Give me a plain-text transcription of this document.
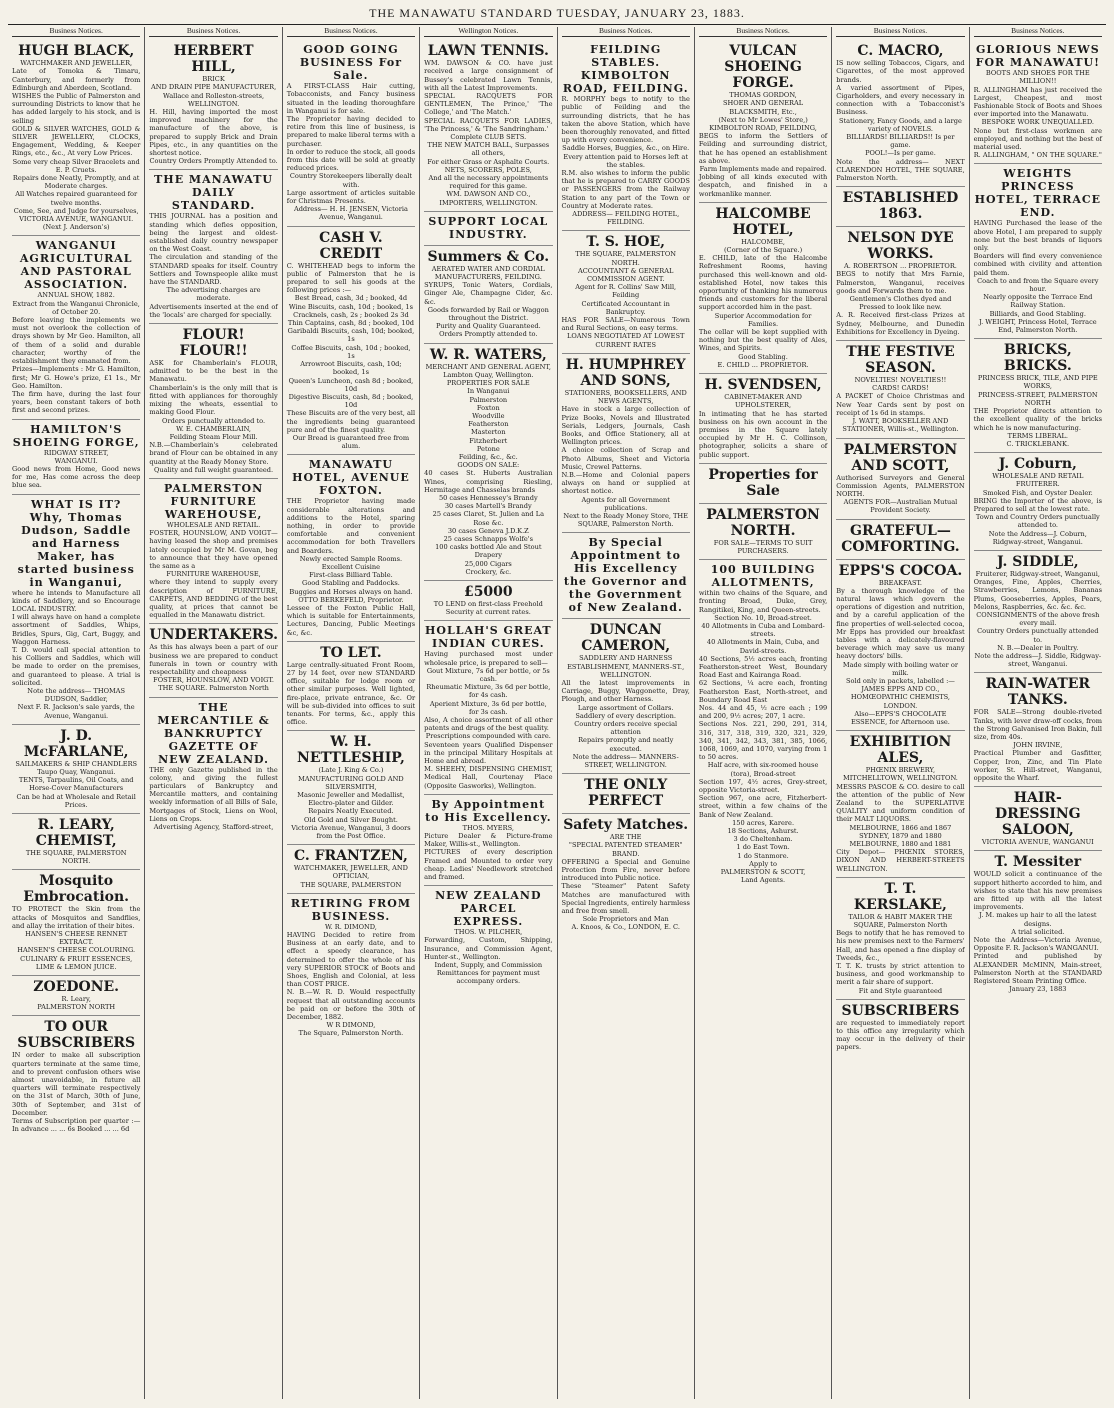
THE MANAWATU STANDARD TUESDAY, JANUARY 23, 1883.
Business Notices.
HUGH BLACK,
WATCHMAKER AND JEWELLER,
Late of Tomoka & Timaru, Canterbury, and formerly from Edinburgh and Aberdeen, Scotland.
WISHES the Public of Palmerston and surrounding Districts to know that he has added largely to his stock, and is selling
GOLD & SILVER WATCHES, GOLD & SILVER JEWELLERY, CLOCKS, Engagement, Wedding, & Keeper Rings, etc., &c., At very Low Prices.
Some very cheap Silver Bracelets and E. P. Cruets.
Repairs done Neatly, Promptly, and at Moderate charges.
All Watches repaired guaranteed for twelve months.
Come, See, and Judge for yourselves,
VICTORIA AVENUE, WANGANUI.
(Next J. Anderson's)
WANGANUI AGRICULTURAL AND PASTORAL ASSOCIATION.
ANNUAL SHOW, 1882.
Extract from the Wanganui Chronicle, of October 20.
Before leaving the implements we must not overlook the collection of drays shown by Mr Geo. Hamilton, all of them of a solid and durable character, worthy of the establishment they emanated from.
Prizes—Implements : Mr G. Hamilton, first; Mr G. Howe's prize, £1 1s., Mr Geo. Hamilton.
The firm have, during the last four years, been constant takers of both first and second prizes.
HAMILTON'S SHOEING FORGE,
RIDGWAY STREET,
WANGANUI.
Good news from Home, Good news for me, Has come across the deep blue sea.
WHAT IS IT? Why, Thomas Dudson, Saddle and Harness Maker, has started business in Wanganui,
where he intends to Manufacture all kinds of Saddlery, and so Encourage LOCAL INDUSTRY.
I will always have on hand a complete assortment of Saddles, Whips, Bridles, Spurs, Gig, Cart, Buggy, and Waggon Harness.
T. D. would call special attention to his Colliers and Saddles, which will be made to order on the premises, and guaranteed to please. A trial is solicited.
Note the address— THOMAS DUDSON, Saddler,
Next F. R. Jackson's sale yards, the Avenue, Wanganui.
J. D. McFARLANE,
SAILMAKERS & SHIP CHANDLERS
Taupo Quay, Wanganui.
TENTS, Tarpaulins, Oil Coats, and Horse-Cover Manufacturers
Can be had at Wholesale and Retail Prices.
R. LEARY, CHEMIST,
THE SQUARE, PALMERSTON NORTH.
Mosquito Embrocation.
TO PROTECT the Skin from the attacks of Mosquitos and Sandflies, and allay the irritation of their bites.
HANSEN'S CHEESE RENNET EXTRACT.
HANSEN'S CHEESE COLOURING.
CULINARY & FRUIT ESSENCES, LIME & LEMON JUICE.
ZOEDONE.
R. Leary,
PALMERSTON NORTH
TO OUR SUBSCRIBERS
IN order to make all subscription quarters terminate at the same time, and to prevent confusion others wise almost unavoidable, in future all quarters will terminate respectively on the 31st of March, 30th of June, 30th of September, and 31st of December.
Terms of Subscription per quarter :— In advance ... ... 6s Booked ... ... 6d
Business Notices.
HERBERT HILL,
BRICK
AND DRAIN PIPE MANUFACTURER,
Wallace and Rolleston-streets, WELLINGTON.
H. Hill, having imported the most improved machinery for the manufacture of the above, is prepared to supply Brick and Drain Pipes, etc., in any quantities on the shortest notice.
Country Orders Promptly Attended to.
THE MANAWATU DAILY STANDARD.
THIS JOURNAL has a position and standing which defies opposition, being the largest and oldest-established daily country newspaper on the West Coast.
The circulation and standing of the STANDARD speaks for itself. Country Settlers and Townspeople alike must have the STANDARD.
The advertising charges are moderate.
Advertisements inserted at the end of the 'locals' are charged for specially.
FLOUR! FLOUR!!
ASK for Chamberlain's FLOUR, admitted to be the best in the Manawatu.
Chamberlain's is the only mill that is fitted with appliances for thoroughly mixing the wheats, essential to making Good Flour.
Orders punctually attended to.
W. E. CHAMBERLAIN,
Feilding Steam Flour Mill.
N.B.—Chamberlain's celebrated brand of Flour can be obtained in any quantity at the Ready Money Store.
Quality and full weight guaranteed.
PALMERSTON FURNITURE WAREHOUSE,
WHOLESALE AND RETAIL.
FOSTER, HOUNSLOW, AND VOIGT—having leased the shop and premises lately occupied by Mr M. Govan, beg to announce that they have opened the same as a
FURNITURE WAREHOUSE,
where they intend to supply every description of FURNITURE, CARPETS, AND BEDDING of the best quality, at prices that cannot be equalled in the Manawatu district.
UNDERTAKERS.
As this has always been a part of our business we are prepared to conduct funerals in town or country with respectability and cheapness
FOSTER, HOUNSLOW, AND VOIGT. THE SQUARE. Palmerston North
THE MERCANTILE & BANKRUPTCY GAZETTE OF NEW ZEALAND.
THE only Gazette published in the colony, and giving the fullest particulars of Bankruptcy and Mercantile matters, and containing weekly information of all Bills of Sale, Mortgages of Stock, Liens on Wool, Liens on Crops.
Advertising Agency, Stafford-street,
Business Notices.
GOOD GOING BUSINESS For Sale.
A FIRST-CLASS Hair cutting, Tobacconists, and Fancy business situated in the leading thoroughfare in Wanganui is for sale.
The Proprietor having decided to retire from this line of business, is prepared to make liberal terms with a purchaser.
In order to reduce the stock, all goods from this date will be sold at greatly reduced prices.
Country Storekeepers liberally dealt with.
Large assortment of articles suitable for Christmas Presents.
Address— H. H. JENSEN, Victoria Avenue, Wanganui.
CASH V. CREDIT
C. WHITEHEAD begs to inform the public of Palmerston that he is prepared to sell his goods at the following prices :—
Best Bread, cash, 3d ; booked, 4d
Wine Biscuits, cash, 10d ; booked, 1s
Cracknels, cash, 2s ; booked 2s 3d
Thin Captains, cash, 8d ; booked, 10d
Garibaldi Biscuits, cash, 10d; booked, 1s
Coffee Biscuits, cash, 10d ; booked, 1s
Arrowroot Biscuits, cash, 10d; booked, 1s
Queen's Luncheon, cash 8d ; booked, 10d
Digestive Biscuits, cash, 8d ; booked, 10d
These Biscuits are of the very best, all the ingredients being guaranteed pure and of the finest quality.
Our Bread is guaranteed free from alum.
MANAWATU HOTEL, AVENUE FOXTON.
THE Proprietor having made considerable alterations and additions to the Hotel, sparing nothing, in order to provide comfortable and convenient accommodation for both Travellers and Boarders.
Newly erected Sample Rooms.
Excellent Cuisine
First-class Billiard Table.
Good Stabling and Paddocks.
Buggies and Horses always on hand.
OTTO BERKEFELD, Proprietor.
Lessee of the Foxton Public Hall, which is suitable for Entertainments, Lectures, Dancing, Public Meetings &c, &c.
TO LET.
Large centrally-situated Front Room, 27 by 14 feet, over new STANDARD office, suitable for lodge room or other similar purposes. Well lighted, fire-place, private entrance, &c. Or will be sub-divided into offices to suit tenants. For terms, &c., apply this office.
W. H. NETTLESHIP,
(Late J. King & Co.)
MANUFACTURING GOLD AND SILVERSMITH,
Masonic Jeweller and Medallist, Electro-plater and Gilder.
Repairs Neatly Executed.
Old Gold and Silver Bought.
Victoria Avenue, Wanganui, 3 doors from the Post Office.
C. FRANTZEN,
WATCHMAKER, JEWELLER, AND OPTICIAN,
THE SQUARE, PALMERSTON
RETIRING FROM BUSINESS.
W. R. DIMOND,
HAVING Decided to retire from Business at an early date, and to effect a speedy clearance, has determined to offer the whole of his very SUPERIOR STOCK of Boots and Shoes, English and Colonial, at less than COST PRICE.
N. B.—W. R. D. Would respectfully request that all outstanding accounts be paid on or before the 30th of December, 1882.
W R DIMOND,
The Square, Palmerston North.
Wellington Notices.
LAWN TENNIS.
WM. DAWSON & CO. have just received a large consignment of Bussey's celebrated Lawn Tennis, with all the Latest Improvements.
SPECIAL RACQUETS FOR GENTLEMEN, The Prince,' 'The College,' and 'The Match.'
SPECIAL RACQUETS FOR LADIES, 'The Princess,' & 'The Sandringham.'
Complete CLUB SETS.
THE NEW MATCH BALL, Surpasses all others,
For either Grass or Asphalte Courts.
NETS, SCORERS, POLES,
And all the necessary appointments required for this game.
WM. DAWSON AND CO., IMPORTERS, WELLINGTON.
SUPPORT LOCAL INDUSTRY.
Summers & Co.
AERATED WATER AND CORDIAL MANUFACTURERS, FEILDING.
SYRUPS, Tonic Waters, Cordials, Ginger Ale, Champagne Cider, &c. &c.
Goods forwarded by Rail or Waggon throughout the District.
Purity and Quality Guaranteed.
Orders Promptly attended to.
W. R. WATERS,
MERCHANT AND GENERAL AGENT,
Lambton Quay, Wellington.
PROPERTIES FOR SALE
In Wanganui
Palmerston
Foxton
Woodville
Featherston
Masterton
Fitzherbert
Petone
Feilding, &c., &c.
GOODS ON SALE:
40 cases St. Huberts Australian Wines, comprising Riesling, Hermitage and Chasselas brands
50 cases Hennessey's Brandy
30 cases Martell's Brandy
25 cases Claret, St. Julien and La Rose &c.
30 cases Geneva J.D.K.Z
25 cases Schnapps Wolfe's
100 casks bottled Ale and Stout
Drapery
25,000 Cigars
Crockery, &c.
£5000
TO LEND on first-class Freehold Security at current rates.
HOLLAH'S GREAT INDIAN CURES.
Having purchased most under wholesale price, is prepared to sell—
Gout Mixture, 7s 6d per bottle, or 5s cash.
Rheumatic Mixture, 3s 6d per bottle, for 4s cash.
Aperient Mixture, 3s 6d per bottle, for 3s cash.
Also, A choice assortment of all other patents and drugs of the best quality.
Prescriptions compounded with care.
Seventeen years Qualified Dispenser in the principal Military Hospitals at Home and abroad.
M. SHEEHY, DISPENSING CHEMIST, Medical Hall, Courtenay Place (Opposite Gasworks), Wellington.
By Appointment to His Excellency.
THOS. MYERS,
Picture Dealer & Picture-frame Maker, Willis-st., Wellington.
PICTURES of every description Framed and Mounted to order very cheap. Ladies' Needlework stretched and framed.
NEW ZEALAND PARCEL EXPRESS.
THOS. W. PILCHER,
Forwarding, Custom, Shipping, Insurance, and Commission Agent, Hunter-st., Wellington.
Indent, Supply, and Commission
Remittances for payment must accompany orders.
Business Notices.
FEILDING STABLES. KIMBOLTON ROAD, FEILDING.
R. MORPHY begs to notify to the public of Feilding and the surrounding districts, that he has taken the above Station, which have been thoroughly renovated, and fitted up with every convenience.
Saddle Horses, Buggies, &c., on Hire.
Every attention paid to Horses left at the stables.
R.M. also wishes to inform the public that he is prepared to CARRY GOODS or PASSENGERS from the Railway Station to any part of the Town or Country at Moderate rates.
ADDRESS— FEILDING HOTEL, FEILDING.
T. S. HOE,
THE SQUARE, PALMERSTON NORTH.
ACCOUNTANT & GENERAL COMMISSION AGENT.
Agent for R. Collins' Saw Mill, Feilding
Certificated Accountant in Bankruptcy.
HAS FOR SALE—Numerous Town and Rural Sections, on easy terms.
LOANS NEGOTIATED AT LOWEST CURRENT RATES
H. HUMPHREY AND SONS,
STATIONERS, BOOKSELLERS, AND NEWS AGENTS,
Have in stock a large collection of Prize Books, Novels and Illustrated Serials, Ledgers, Journals, Cash Books, and Office Stationery, all at Wellington prices.
A choice collection of Scrap and Photo Albums, Sheet and Victoria Music, Crewel Patterns.
N.B.—Home and Colonial papers always on hand or supplied at shortest notice.
Agents for all Government publications.
Next to the Ready Money Store, THE SQUARE, Palmerston North.
By Special Appointment to His Excellency the Governor and the Government of New Zealand.
DUNCAN CAMERON,
SADDLERY AND HARNESS ESTABLISHMENT, MANNERS-ST., WELLINGTON.
All the latest improvements in Carriage, Buggy, Waggonette, Dray, Plough, and other Harness.
Large assortment of Collars.
Saddlery of every description.
Country orders receive special attention
Repairs promptly and neatly executed.
Note the address— MANNERS-STREET, WELLINGTON.
THE ONLY PERFECT
Safety Matches.
ARE THE
"SPECIAL PATENTED STEAMER" BRAND.
OFFERING a Special and Genuine Protection from Fire, never before introduced into Public notice.
These "Steamer" Patent Safety Matches are manufactured with Special Ingredients, entirely harmless and free from smell.
Sole Proprietors and Man
A. Knoos, & Co., LONDON, E. C.
Business Notices.
VULCAN SHOEING FORGE.
THOMAS GORDON,
SHOER AND GENERAL BLACKSMITH, Etc.,
(Next to Mr Lowes' Store,)
KIMBOLTON ROAD, FEILDING,
BEGS to inform the Settlers of Feilding and surrounding district, that he has opened an establishment as above.
Farm Implements made and repaired.
Jobbing of all kinds executed with despatch, and finished in a workmanlike manner.
HALCOMBE HOTEL,
HALCOMBE,
(Corner of the Square.)
E. CHILD, late of the Halcombe Refreshment Rooms, having purchased this well-known and old-established Hotel, now takes this opportunity of thanking his numerous friends and customers for the liberal support accorded him in the past.
Superior Accommodation for Families.
The cellar will be kept supplied with nothing but the best quality of Ales, Wines, and Spirits.
Good Stabling.
E. CHILD ... PROPRIETOR.
H. SVENDSEN,
CABINET-MAKER AND UPHOLSTERER,
In intimating that he has started business on his own account in the premises in the Square lately occupied by Mr H. C. Collinson, photographer, solicits a share of public support.
Properties for Sale
PALMERSTON NORTH.
FOR SALE—TERMS TO SUIT PURCHASERS.
100 BUILDING ALLOTMENTS,
within two chains of the Square, and fronting Broad, Duke, Grey, Rangitikei, King, and Queen-streets.
Section No. 10, Broad-street.
40 Allotments in Cuba and Lombard-streets.
40 Allotments in Main, Cuba, and David-streets.
40 Sections, 5½ acres each, fronting Featherston-street West, Boundary Road East and Kairanga Road.
62 Sections, ¼ acre each, fronting Featherston East, North-street, and Boundary Road East
Nos. 44 and 45, ½ acre each ; 199 and 200, 9½ acres; 207, 1 acre.
Sections Nos. 221, 290, 291, 314, 316, 317, 318, 319, 320, 321, 329, 340, 341, 342, 343, 381, 385, 1066, 1068, 1069, and 1070, varying from 1 to 50 acres.
Half acre, with six-roomed house (tora), Broad-street
Section 197, 4½ acres, Grey-street, opposite Victoria-street.
Section 967, one acre, Fitzherbert-street, within a few chains of the Bank of New Zealand.
150 acres, Karere.
18 Sections, Ashurst.
3 do Cheltenham.
1 do East Town.
1 do Stanmore.
Apply to
PALMERSTON & SCOTT,
Land Agents.
Business Notices.
C. MACRO,
IS now selling Tobaccos, Cigars, and Cigarettes, of the most approved brands.
A varied assortment of Pipes, Cigarholders, and every necessary in connection with a Tobacconist's Business.
Stationery, Fancy Goods, and a large variety of NOVELS.
BILLIARDS! BILLIARDS!! Is per game.
POOL!—Is per game.
Note the address— NEXT CLARENDON HOTEL, THE SQUARE, Palmerston North.
ESTABLISHED 1863.
NELSON DYE WORKS.
A. ROBERTSON ... PROPRIETOR.
BEGS to notify that Mrs Farnie, Palmerston, Wanganui, receives goods and Forwards them to me.
Gentlemen's Clothes dyed and Pressed to look like new.
A. R. Received first-class Prizes at Sydney, Melbourne, and Dunedin Exhibitions for Excellency in Dyeing.
THE FESTIVE SEASON.
NOVELTIES! NOVELTIES!!
CARDS! CARDS!
A PACKET of Choice Christmas and New Year Cards sent by post on receipt of 1s 6d in stamps.
J. WATT, BOOKSELLER AND STATIONER, Willis-st., Wellington.
PALMERSTON AND SCOTT,
Authorised Surveyors and General Commission Agents, PALMERSTON NORTH.
AGENTS FOR—Australian Mutual Provident Society.
GRATEFUL—COMFORTING.
EPPS'S COCOA.
BREAKFAST.
By a thorough knowledge of the natural laws which govern the operations of digestion and nutrition, and by a careful application of the fine properties of well-selected cocoa, Mr Epps has provided our breakfast tables with a delicately-flavoured beverage which may save us many heavy doctors' bills.
Made simply with boiling water or milk.
Sold only in packets, labelled :—
JAMES EPPS AND CO., HOMŒOPATHIC CHEMISTS, LONDON.
Also—EPPS'S CHOCOLATE ESSENCE, for Afternoon use.
EXHIBITION ALES,
PHŒNIX BREWERY, MITCHELLTOWN, WELLINGTON.
MESSRS PASCOE & CO. desire to call the attention of the public of New Zealand to the SUPERLATIVE QUALITY and uniform condition of their MALT LIQUORS.
MELBOURNE, 1866 and 1867
SYDNEY, 1879 and 1880
MELBOURNE, 1880 and 1881
City Depot— PHŒNIX STORES, DIXON AND HERBERT-STREETS WELLINGTON.
T. T. KERSLAKE,
TAILOR & HABIT MAKER THE SQUARE, Palmerston North
Begs to notify that he has removed to his new premises next to the Farmers' Hall, and has opened a fine display of Tweeds, &c.,
T. T. K. trusts by strict attention to business, and good workmanship to merit a fair share of support.
Fit and Style guaranteed
SUBSCRIBERS
are requested to immediately report to this office any irregularity which may occur in the delivery of their papers.
Business Notices.
GLORIOUS NEWS FOR MANAWATU!
BOOTS AND SHOES FOR THE MILLION!!
R. ALLINGHAM has just received the Largest, Cheapest, and most Fashionable Stock of Boots and Shoes ever imported into the Manawatu.
BESPOKE WORK UNEQUALLED.
None but first-class workmen are employed, and nothing but the best of material used.
R. ALLINGHAM, " ON THE SQUARE."
WEIGHTS PRINCESS HOTEL, TERRACE END.
HAVING Purchased the lease of the above Hotel, I am prepared to supply none but the best brands of liquors only.
Boarders will find every convenience combined with civility and attention paid them.
Coach to and from the Square every hour.
Nearly opposite the Terrace End Railway Station.
Billiards, and Good Stabling.
J. WEIGHT, Princess Hotel, Terrace End, Palmerston North.
BRICKS, BRICKS.
PRINCESS BRICK, TILE, AND PIPE WORKS,
PRINCESS-STREET, PALMERSTON NORTH
THE Proprietor directs attention to the excellent quality of the bricks which he is now manufacturing.
TERMS LIBERAL.
C. TRICKLEBANK.
J. Coburn,
WHOLESALE AND RETAIL FRUITERER.
Smoked Fish, and Oyster Dealer.
BRING the Importer of the above, is Prepared to sell at the lowest rate.
Town and Country Orders punctually attended to.
Note the Address—J. Coburn, Ridgway-street, Wanganui.
J. SIDDLE,
Fruiterer, Ridgway-street, Wanganui,
Oranges, Fine, Apples, Cherries, Strawberries, Lemons, Bananas Plums, Gooseberries, Apples, Pears, Melons, Raspberries, &c. &c. &c.
CONSIGNMENTS of the above fresh every mail.
Country Orders punctually attended to.
N. B.—Dealer in Poultry.
Note the address—J. Siddle, Ridgway-street, Wanganui.
RAIN-WATER TANKS.
FOR SALE—Strong double-riveted Tanks, with lever draw-off cocks, from the Strong Galvanised Iron Bakin, full size, from 40s.
JOHN IRVINE,
Practical Plumber and Gasfitter, Copper, Iron, Zinc, and Tin Plate worker, St. Hill-street, Wanganui, opposite the Wharf.
HAIR-DRESSING SALOON,
VICTORIA AVENUE, WANGANUI
T. Messiter
WOULD solicit a continuance of the support hitherto accorded to him, and wishes to state that his new premises are fitted up with all the latest improvements.
J. M. makes up hair to all the latest designs.
A trial solicited.
Note the Address—Victoria Avenue, Opposite F. R. Jackson's WANGANUI.
Printed and published by ALEXANDER McMINN, Main-street, Palmerston North at the STANDARD Registered Steam Printing Office.
January 23, 1883
